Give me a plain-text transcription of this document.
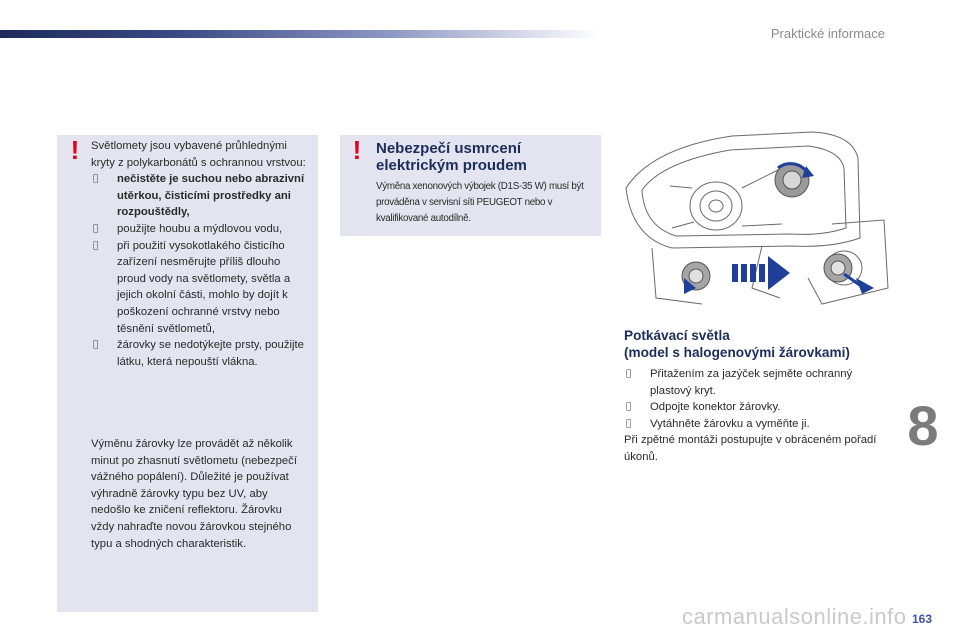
Praktické informace
! Světlomety jsou vybavené průhlednými kryty z polykarbonátů s ochrannou vrstvou:
nečistěte je suchou nebo abrazivní utěrkou, čisticími prostředky ani rozpouštědly,
použijte houbu a mýdlovou vodu,
při použití vysokotlakého čisticího zařízení nesměrujte příliš dlouho proud vody na světlomety, světla a jejich okolní části, mohlo by dojít k poškození ochranné vrstvy nebo těsnění světlometů,
žárovky se nedotýkejte prsty, použijte látku, která nepouští vlákna.
Výměnu žárovky lze provádět až několik minut po zhasnutí světlometu (nebezpečí vážného popálení). Důležité je používat výhradně žárovky typu bez UV, aby nedošlo ke zničení reflektoru. Žárovku vždy nahraďte novou žárovkou stejného typu a shodných charakteristik.
! Nebezpečí usmrcení elektrickým proudem
Výměna xenonových výbojek (D1S-35 W) musí být prováděna v servisní síti PEUGEOT nebo v kvalifikované autodílně.
Potkávací světla
(model s halogenovými žárovkami)
Přitažením za jazýček sejměte ochranný plastový kryt.
Odpojte konektor žárovky.
Vytáhněte žárovku a vyměňte ji.
Při zpětné montáži postupujte v obráceném pořadí úkonů.	8
163
carmanualsonline.info
